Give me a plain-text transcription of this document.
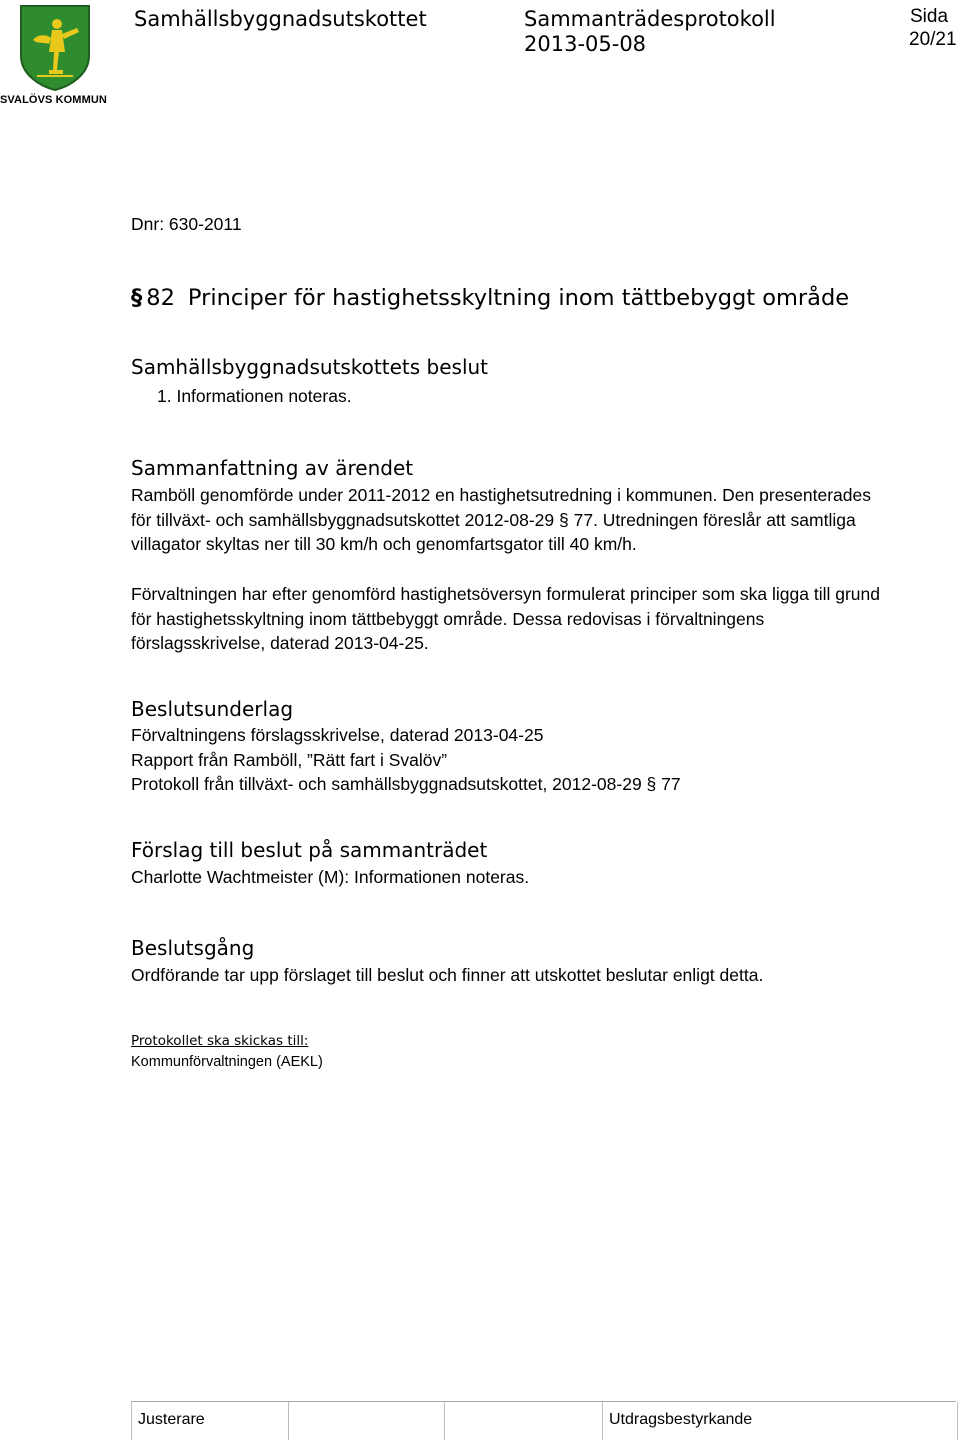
SVALÖVS KOMMUN
Samhällsbyggnadsutskottet	Sammanträdesprotokoll
2013-05-08
Sida
20/21
Dnr: 630-2011
§ 82 Principer för hastighetsskyltning inom tättbebyggt område
Samhällsbyggnadsutskottets beslut
1. Informationen noteras.
Sammanfattning av ärendet
Ramböll genomförde under 2011-2012 en hastighetsutredning i kommunen. Den presenterades
för tillväxt- och samhällsbyggnadsutskottet 2012-08-29 § 77. Utredningen föreslår att samtliga
villagator skyltas ner till 30 km/h och genomfartsgator till 40 km/h.
Förvaltningen har efter genomförd hastighetsöversyn formulerat principer som ska ligga till grund
för hastighetsskyltning inom tättbebyggt område. Dessa redovisas i förvaltningens
förslagsskrivelse, daterad 2013-04-25.
Beslutsunderlag
Förvaltningens förslagsskrivelse, daterad 2013-04-25
Rapport från Ramböll, ”Rätt fart i Svalöv”
Protokoll från tillväxt- och samhällsbyggnadsutskottet, 2012-08-29 § 77
Förslag till beslut på sammanträdet
Charlotte Wachtmeister (M): Informationen noteras.
Beslutsgång
Ordförande tar upp förslaget till beslut och finner att utskottet beslutar enligt detta.
Protokollet ska skickas till:
Kommunförvaltningen (AEKL)
Justerare	Utdragsbestyrkande
